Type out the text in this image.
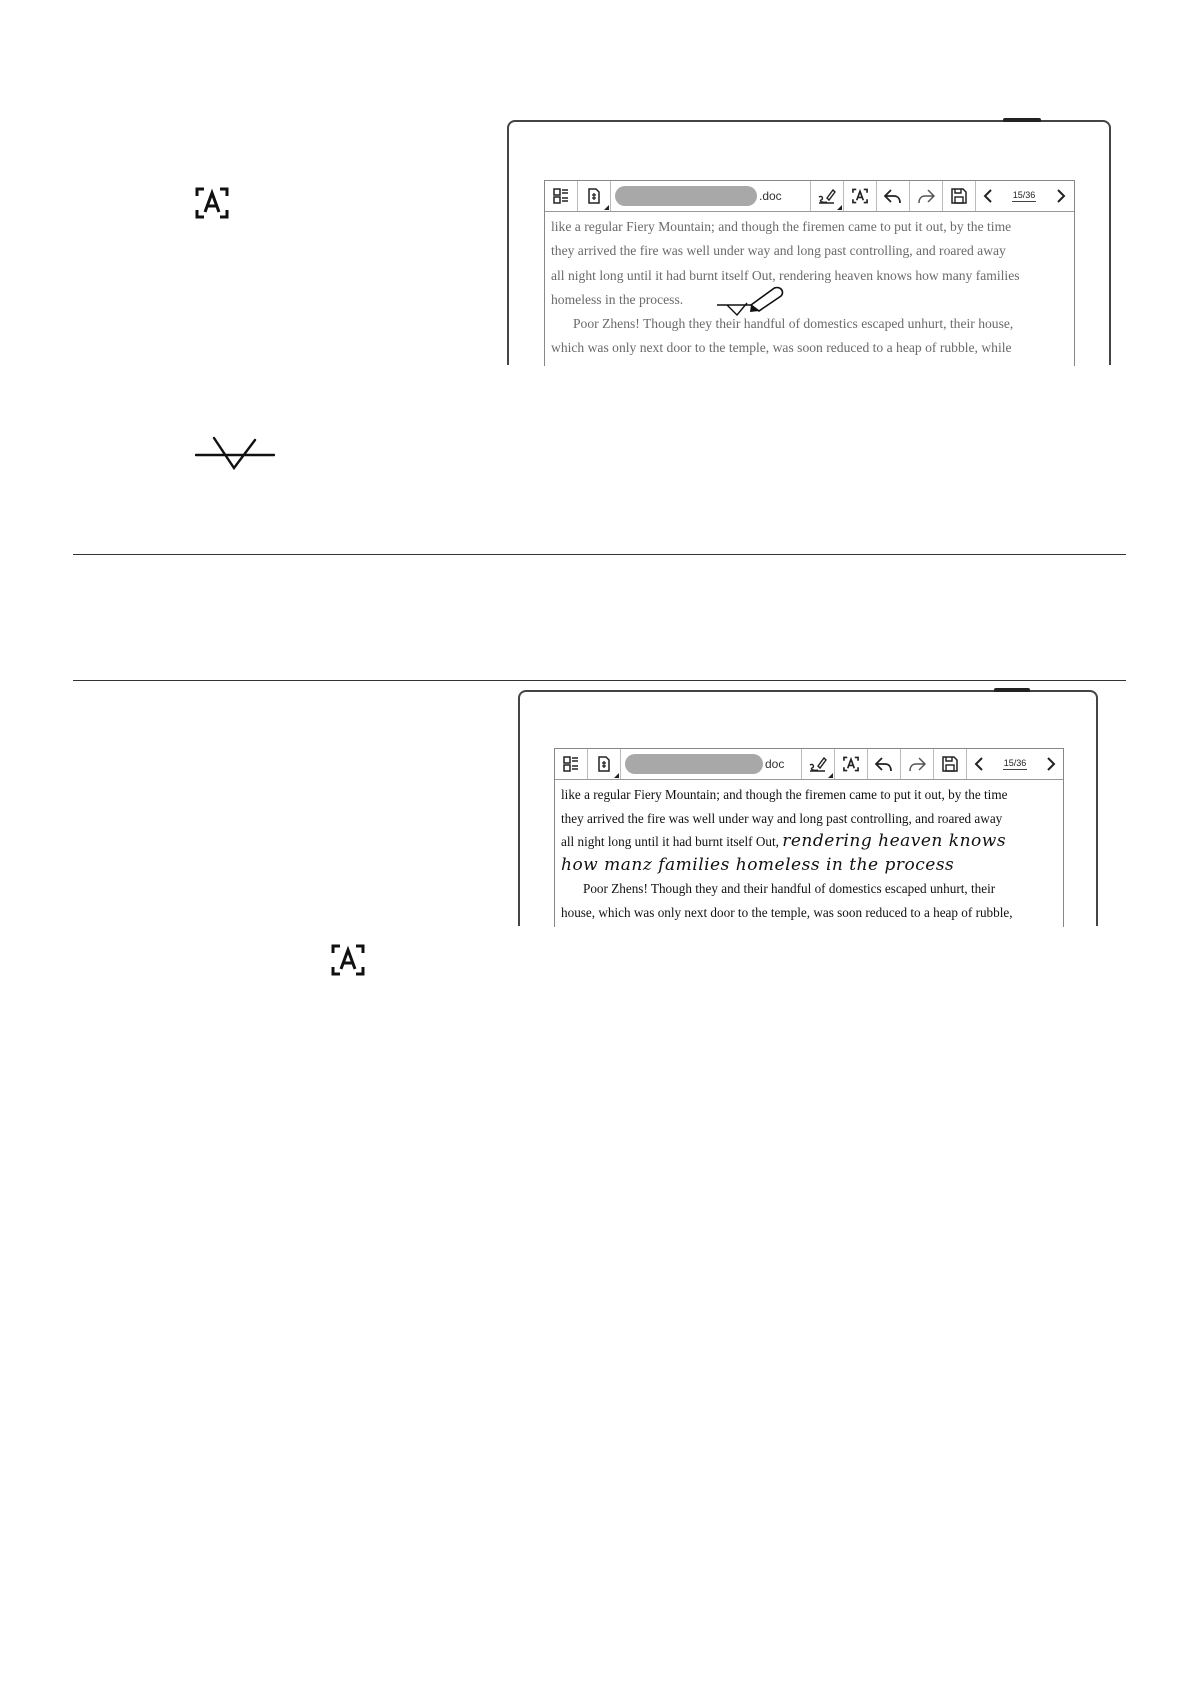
.doc	15/36

like a regular Fiery Mountain; and though the firemen came to put it out, by the time

they arrived the fire was well under way and long past controlling, and roared away

all night long until it had burnt itself Out, rendering heaven knows how many families

homeless in the process.

Poor Zhens! Though they their handful of domestics escaped unhurt, their house,

which was only next door to the temple, was soon reduced to a heap of rubble, while

doc	15/36

like a regular Fiery Mountain; and though the firemen came to put it out, by the time

they arrived the fire was well under way and long past controlling, and roared away

all night long until it had burnt itself Out, rendering heaven knows

how manz families homeless in the process

Poor Zhens! Though they and their handful of domestics escaped unhurt, their

house, which was only next door to the temple, was soon reduced to a heap of rubble,
